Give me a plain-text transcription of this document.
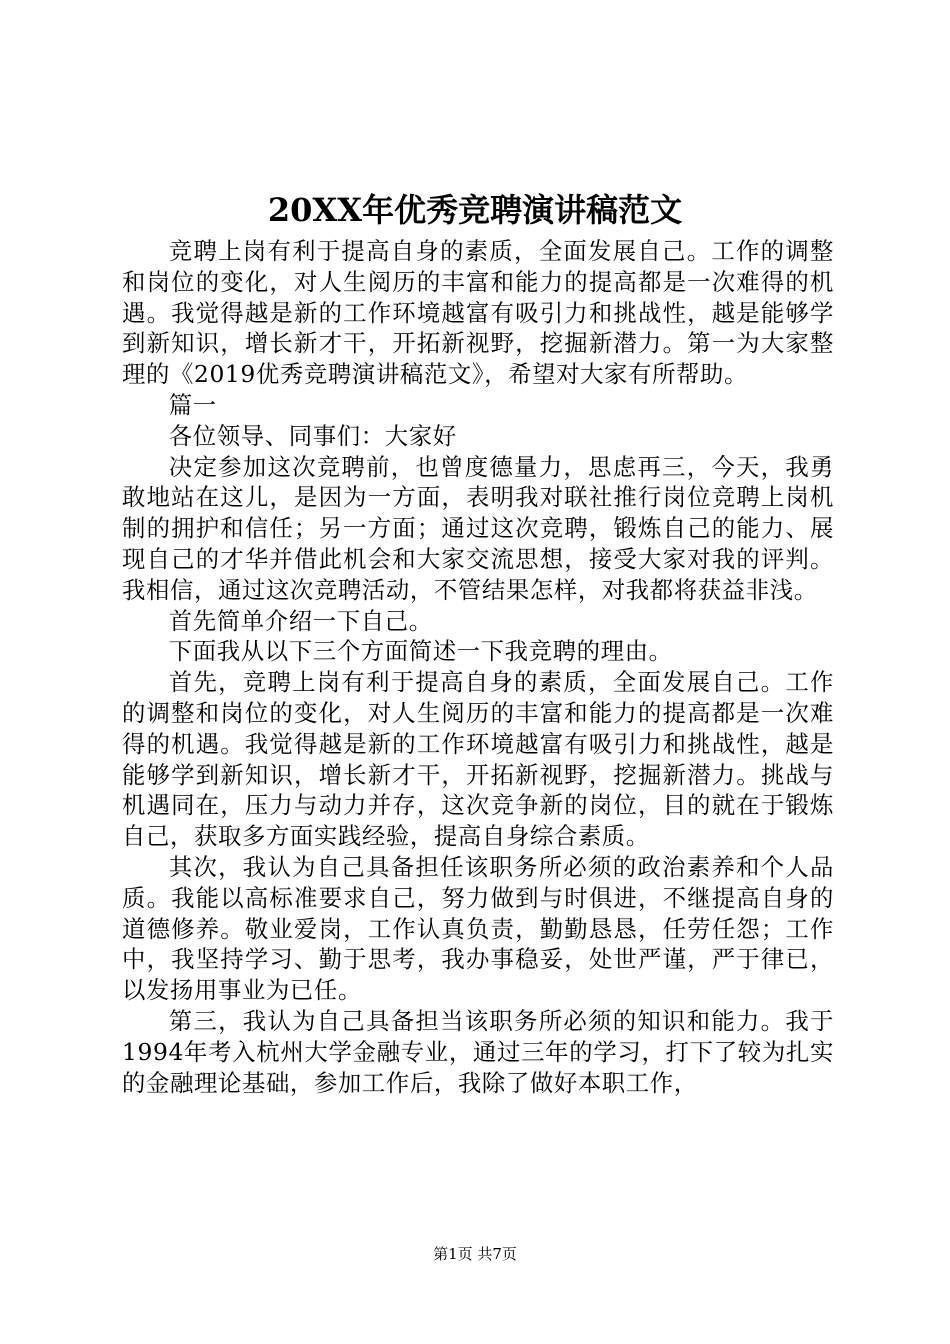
20XX年优秀竞聘演讲稿范文

竞聘上岗有利于提高自身的素质，全面发展自己。工作的调整和岗位的变化，对人生阅历的丰富和能力的提高都是一次难得的机遇。我觉得越是新的工作环境越富有吸引力和挑战性，越是能够学到新知识，增长新才干，开拓新视野，挖掘新潜力。第一为大家整理的《2019优秀竞聘演讲稿范文》，希望对大家有所帮助。

篇一

各位领导、同事们：大家好

决定参加这次竞聘前，也曾度德量力，思虑再三，今天，我勇敢地站在这儿，是因为一方面，表明我对联社推行岗位竞聘上岗机制的拥护和信任；另一方面；通过这次竞聘，锻炼自己的能力、展现自己的才华并借此机会和大家交流思想，接受大家对我的评判。我相信，通过这次竞聘活动，不管结果怎样，对我都将获益非浅。

首先简单介绍一下自己。

下面我从以下三个方面简述一下我竞聘的理由。

首先，竞聘上岗有利于提高自身的素质，全面发展自己。工作的调整和岗位的变化，对人生阅历的丰富和能力的提高都是一次难得的机遇。我觉得越是新的工作环境越富有吸引力和挑战性，越是能够学到新知识，增长新才干，开拓新视野，挖掘新潜力。挑战与机遇同在，压力与动力并存，这次竞争新的岗位，目的就在于锻炼自己，获取多方面实践经验，提高自身综合素质。

其次，我认为自己具备担任该职务所必须的政治素养和个人品质。我能以高标准要求自己，努力做到与时俱进，不继提高自身的道德修养。敬业爱岗，工作认真负责，勤勤恳恳，任劳任怨；工作中，我坚持学习、勤于思考，我办事稳妥，处世严谨，严于律已，以发扬用事业为已任。

第三，我认为自己具备担当该职务所必须的知识和能力。我于1994年考入杭州大学金融专业，通过三年的学习，打下了较为扎实的金融理论基础，参加工作后，我除了做好本职工作，

第1页 共7页
